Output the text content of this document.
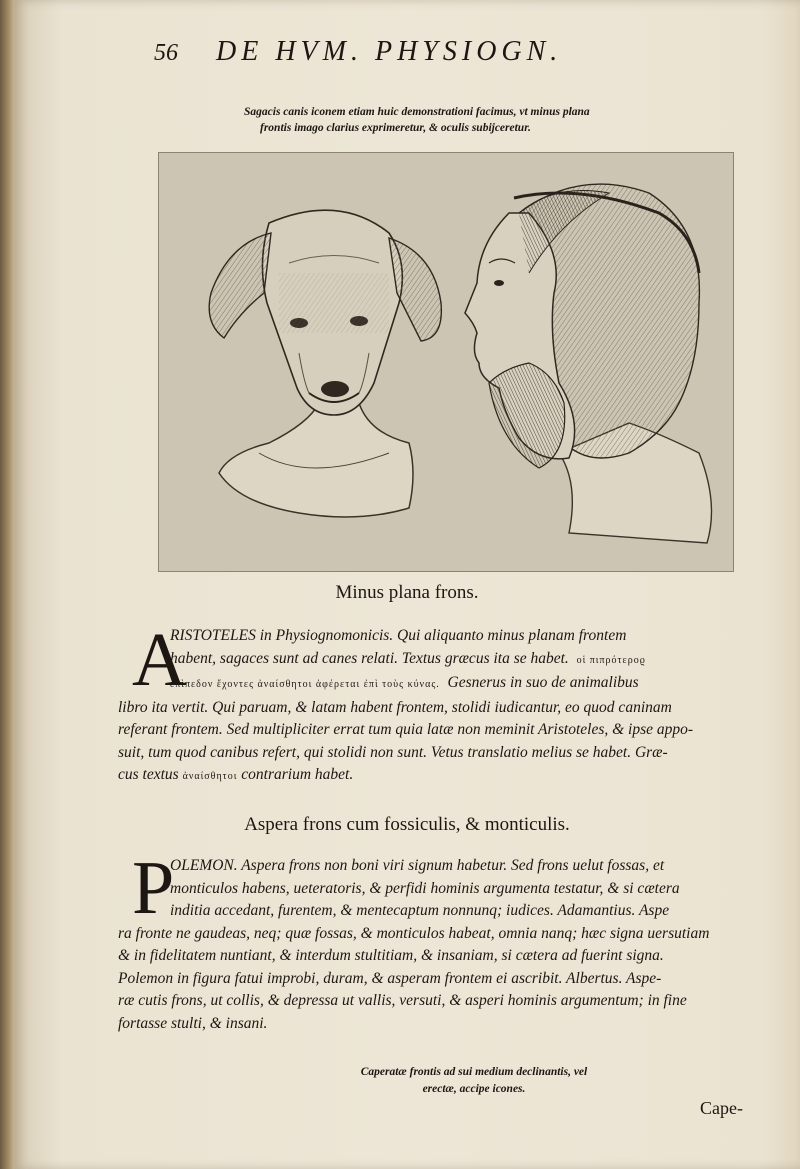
56 DE HVM. PHYSIOGN.
Sagacis canis iconem etiam huic demonstrationi facimus, vt minus plana
frontis imago clarius exprimeretur, & oculis subijceretur.
Minus plana frons.
A
RISTOTELES in Physiognomonicis. Qui aliquanto minus planam frontem
habent, sagaces sunt ad canes relati. Textus græcus ita se habet. οἱ πιπρότεροϱ
ἐπὶπεδον ἔχοντες ἀναίσθητοι ἀφέρεται ἐπὶ τοὺς κύνας. Gesnerus in suo de animalibus
libro ita vertit. Qui paruam, & latam habent frontem, stolidi iudicantur, eo quod caninam
referant frontem. Sed multipliciter errat tum quia latæ non meminit Aristoteles, & ipse appo-
suit, tum quod canibus refert, qui stolidi non sunt. Vetus translatio melius se habet. Græ-
cus textus ἀναίσθητοι contrarium habet.
Aspera frons cum fossiculis, & monticulis.
P
OLEMON. Aspera frons non boni viri signum habetur. Sed frons uelut fossas, et
monticulos habens, ueteratoris, & perfidi hominis argumenta testatur, & si cætera
inditia accedant, furentem, & mentecaptum nonnunq; iudices. Adamantius. Aspe
ra fronte ne gaudeas, neq; quæ fossas, & monticulos habeat, omnia nanq; hæc signa uersutiam
& in fidelitatem nuntiant, & interdum stultitiam, & insaniam, si cætera ad fuerint signa.
Polemon in figura fatui improbi, duram, & asperam frontem ei ascribit. Albertus. Aspe-
ræ cutis frons, ut collis, & depressa ut vallis, versuti, & asperi hominis argumentum; in fine
fortasse stulti, & insani.
Caperatæ frontis ad sui medium declinantis, vel
erectæ, accipe icones.
Cape-
